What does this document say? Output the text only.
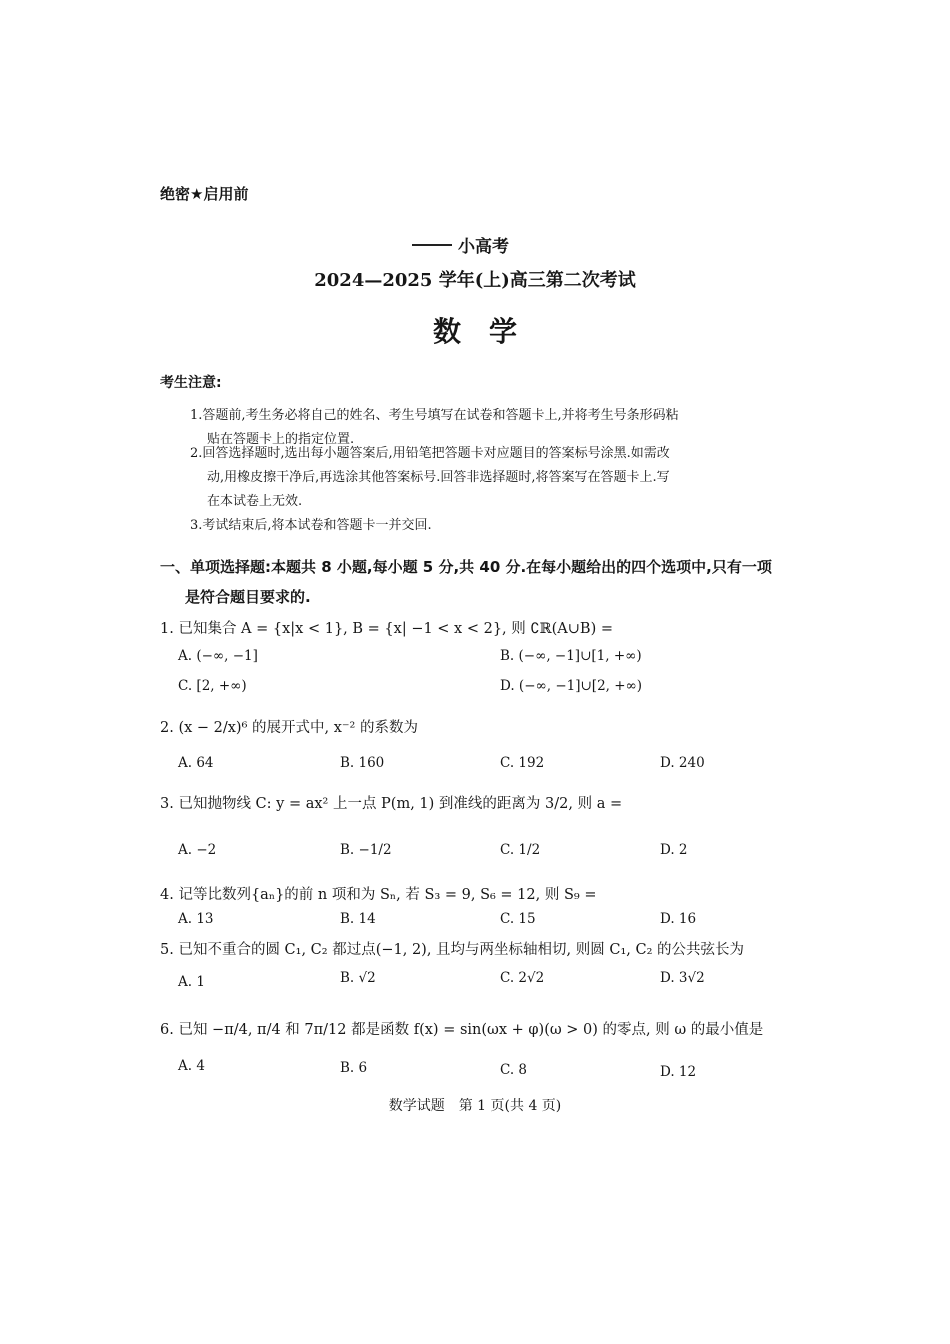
绝密★启用前
小高考
2024—2025 学年(上)高三第二次考试
数学
考生注意:
1.答题前,考生务必将自己的姓名、考生号填写在试卷和答题卡上,并将考生号条形码粘
贴在答题卡上的指定位置.
2.回答选择题时,选出每小题答案后,用铅笔把答题卡对应题目的答案标号涂黑.如需改
动,用橡皮擦干净后,再选涂其他答案标号.回答非选择题时,将答案写在答题卡上.写
在本试卷上无效.
3.考试结束后,将本试卷和答题卡一并交回.
一、单项选择题:本题共 8 小题,每小题 5 分,共 40 分.在每小题给出的四个选项中,只有一项
是符合题目要求的.
1. 已知集合 A = {x|x < 1}, B = {x| −1 < x < 2}, 则 ∁ℝ(A∪B) =
A. (−∞, −1]	B. (−∞, −1]∪[1, +∞)
C. [2, +∞)	D. (−∞, −1]∪[2, +∞)
2. (x − 2/x)⁶ 的展开式中, x⁻² 的系数为
A. 64	B. 160	C. 192	D. 240
3. 已知抛物线 C: y = ax² 上一点 P(m, 1) 到准线的距离为 3/2, 则 a =
A. −2	B. −1/2	C. 1/2	D. 2
4. 记等比数列{aₙ}的前 n 项和为 Sₙ, 若 S₃ = 9, S₆ = 12, 则 S₉ =
A. 13	B. 14	C. 15	D. 16
5. 已知不重合的圆 C₁, C₂ 都过点(−1, 2), 且均与两坐标轴相切, 则圆 C₁, C₂ 的公共弦长为
A. 1	B. √2	C. 2√2	D. 3√2
6. 已知 −π/4, π/4 和 7π/12 都是函数 f(x) = sin(ωx + φ)(ω > 0) 的零点, 则 ω 的最小值是
A. 4	B. 6	C. 8	D. 12
数学试题　第 1 页(共 4 页)
